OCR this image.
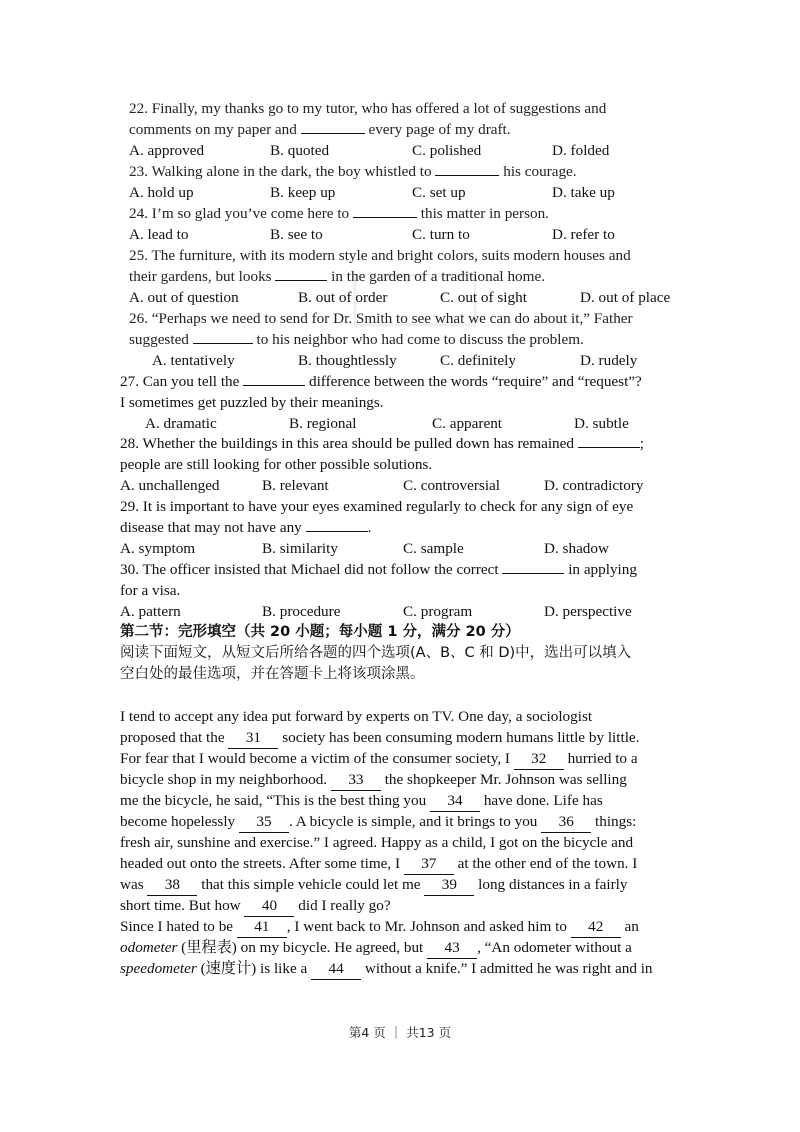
22. Finally, my thanks go to my tutor, who has offered a lot of suggestions and
comments on my paper and	every page of my draft.
A. approved	B. quoted	C. polished	D. folded
23. Walking alone in the dark, the boy whistled to	his courage.
A. hold up	B. keep up	C. set up	D. take up
24. I’m so glad you’ve come here to	this matter in person.
A. lead to	B. see to	C. turn to	D. refer to
25. The furniture, with its modern style and bright colors, suits modern houses and
their gardens, but looks	in the garden of a traditional home.
A. out of question	B. out of order	C. out of sight	D. out of place
26. “Perhaps we need to send for Dr. Smith to see what we can do about it,” Father
suggested	to his neighbor who had come to discuss the problem.
A. tentatively	B. thoughtlessly	C. definitely	D. rudely
27. Can you tell the	difference between the words “require” and “request”?
I sometimes get puzzled by their meanings.
A. dramatic	B. regional	C. apparent	D. subtle
28. Whether the buildings in this area should be pulled down has remained	;
people are still looking for other possible solutions.
A. unchallenged	B. relevant	C. controversial	D. contradictory
29. It is important to have your eyes examined regularly to check for any sign of eye
disease that may not have any	.
A. symptom	B. similarity	C. sample	D. shadow
30. The officer insisted that Michael did not follow the correct	in applying
for a visa.
A. pattern	B. procedure	C. program	D. perspective
第二节：完形填空（共 20 小题；每小题 1 分，满分 20 分）
阅读下面短文，从短文后所给各题的四个选项(A、B、C 和 D)中，选出可以填入
空白处的最佳选项，并在答题卡上将该项涂黑。
I tend to accept any idea put forward by experts on TV. One day, a sociologist
proposed that the 31 society has been consuming modern humans little by little.
For fear that I would become a victim of the consumer society, I 32 hurried to a
bicycle shop in my neighborhood. 33 the shopkeeper Mr. Johnson was selling
me the bicycle, he said, “This is the best thing you 34 have done. Life has
become hopelessly 35 . A bicycle is simple, and it brings to you 36 things:
fresh air, sunshine and exercise.” I agreed. Happy as a child, I got on the bicycle and
headed out onto the streets. After some time, I 37 at the other end of the town. I
was 38 that this simple vehicle could let me 39 long distances in a fairly
short time. But how 40 did I really go?
Since I hated to be 41 , I went back to Mr. Johnson and asked him to 42 an
odometer (里程表) on my bicycle. He agreed, but 43 , “An odometer without a
speedometer (速度计) is like a 44 without a knife.” I admitted he was right and in
第4 页 ｜ 共13 页
